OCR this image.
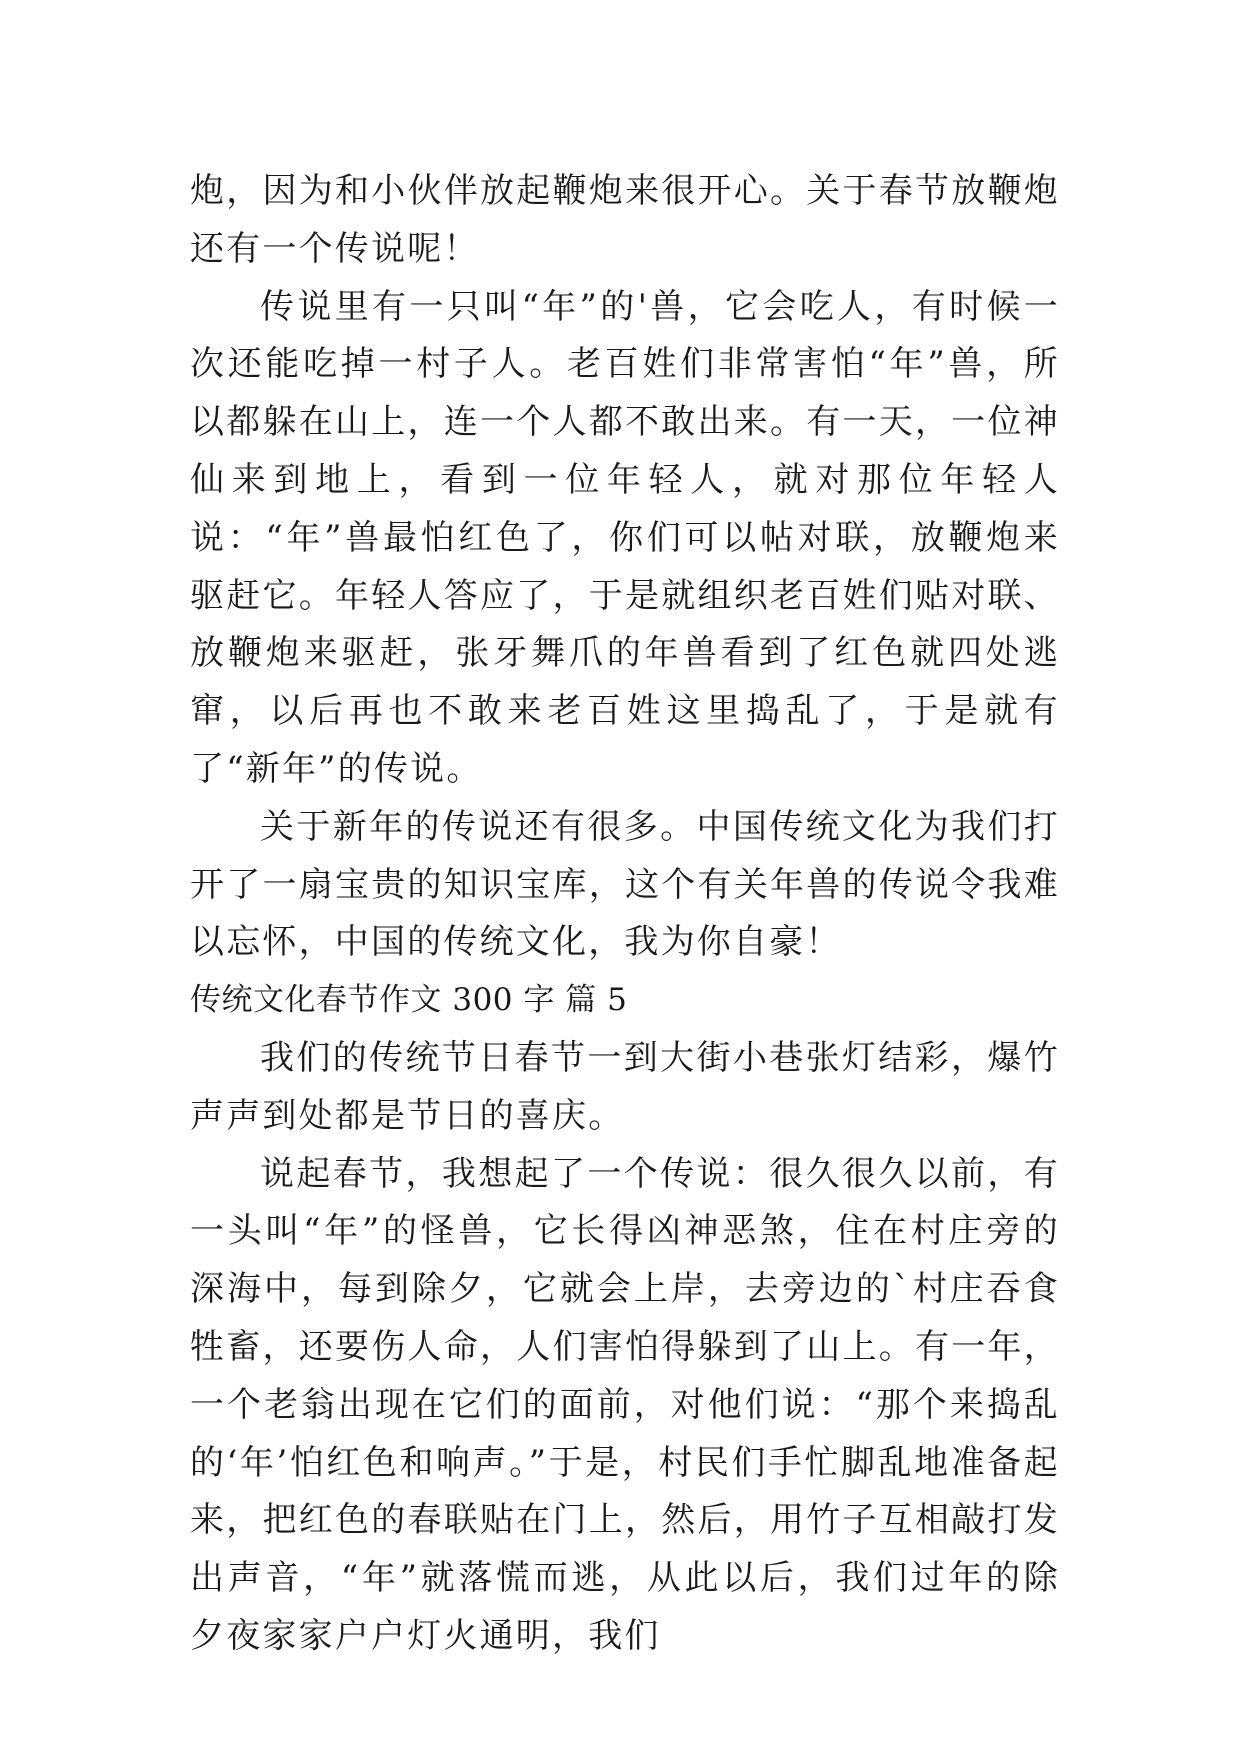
炮，因为和小伙伴放起鞭炮来很开心。关于春节放鞭炮还有一个传说呢！

传说里有一只叫“年”的'兽，它会吃人，有时候一次还能吃掉一村子人。老百姓们非常害怕“年”兽，所以都躲在山上，连一个人都不敢出来。有一天，一位神仙来到地上，看到一位年轻人，就对那位年轻人说：“年”兽最怕红色了，你们可以帖对联，放鞭炮来驱赶它。年轻人答应了，于是就组织老百姓们贴对联、放鞭炮来驱赶，张牙舞爪的年兽看到了红色就四处逃窜，以后再也不敢来老百姓这里捣乱了，于是就有了“新年”的传说。

关于新年的传说还有很多。中国传统文化为我们打开了一扇宝贵的知识宝库，这个有关年兽的传说令我难以忘怀，中国的传统文化，我为你自豪！

传统文化春节作文 300 字 篇 5

我们的传统节日春节一到大街小巷张灯结彩，爆竹声声到处都是节日的喜庆。

说起春节，我想起了一个传说：很久很久以前，有一头叫“年”的怪兽，它长得凶神恶煞，住在村庄旁的深海中，每到除夕，它就会上岸，去旁边的`村庄吞食牲畜，还要伤人命，人们害怕得躲到了山上。有一年，一个老翁出现在它们的面前，对他们说：“那个来捣乱的‘年’怕红色和响声。”于是，村民们手忙脚乱地准备起来，把红色的春联贴在门上，然后，用竹子互相敲打发出声音，“年”就落慌而逃，从此以后，我们过年的除夕夜家家户户灯火通明，我们
